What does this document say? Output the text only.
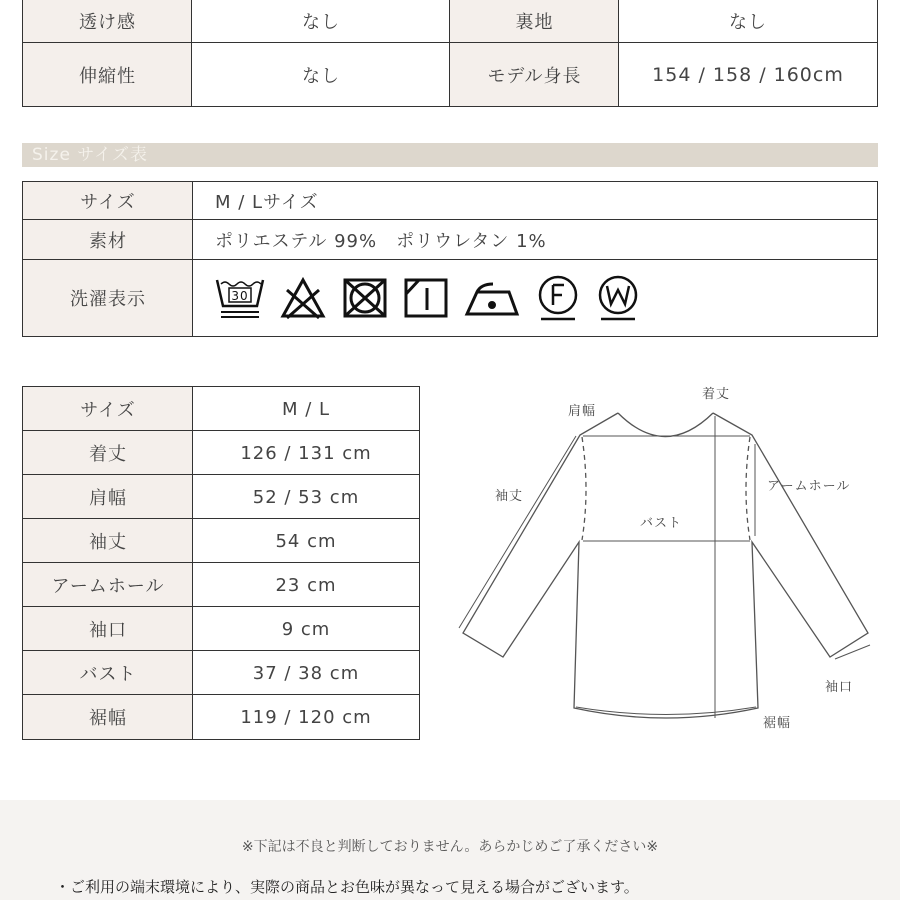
透け感	なし	裏地	なし
伸縮性	なし	モデル身長	154 / 158 / 160cm
Size サイズ表
サイズ	M / Lサイズ
素材	ポリエステル 99%　ポリウレタン 1%
洗濯表示	30
サイズ	M / L
着丈	126 / 131 cm
肩幅	52 / 53 cm
袖丈	54 cm
アームホール	23 cm
袖口	9 cm
バスト	37 / 38 cm
裾幅	119 / 120 cm
着丈
肩幅
袖丈
アームホール
バスト
袖口
裾幅
※下記は不良と判断しておりません。あらかじめご了承ください※
・ご利用の端末環境により、実際の商品とお色味が異なって見える場合がございます。
